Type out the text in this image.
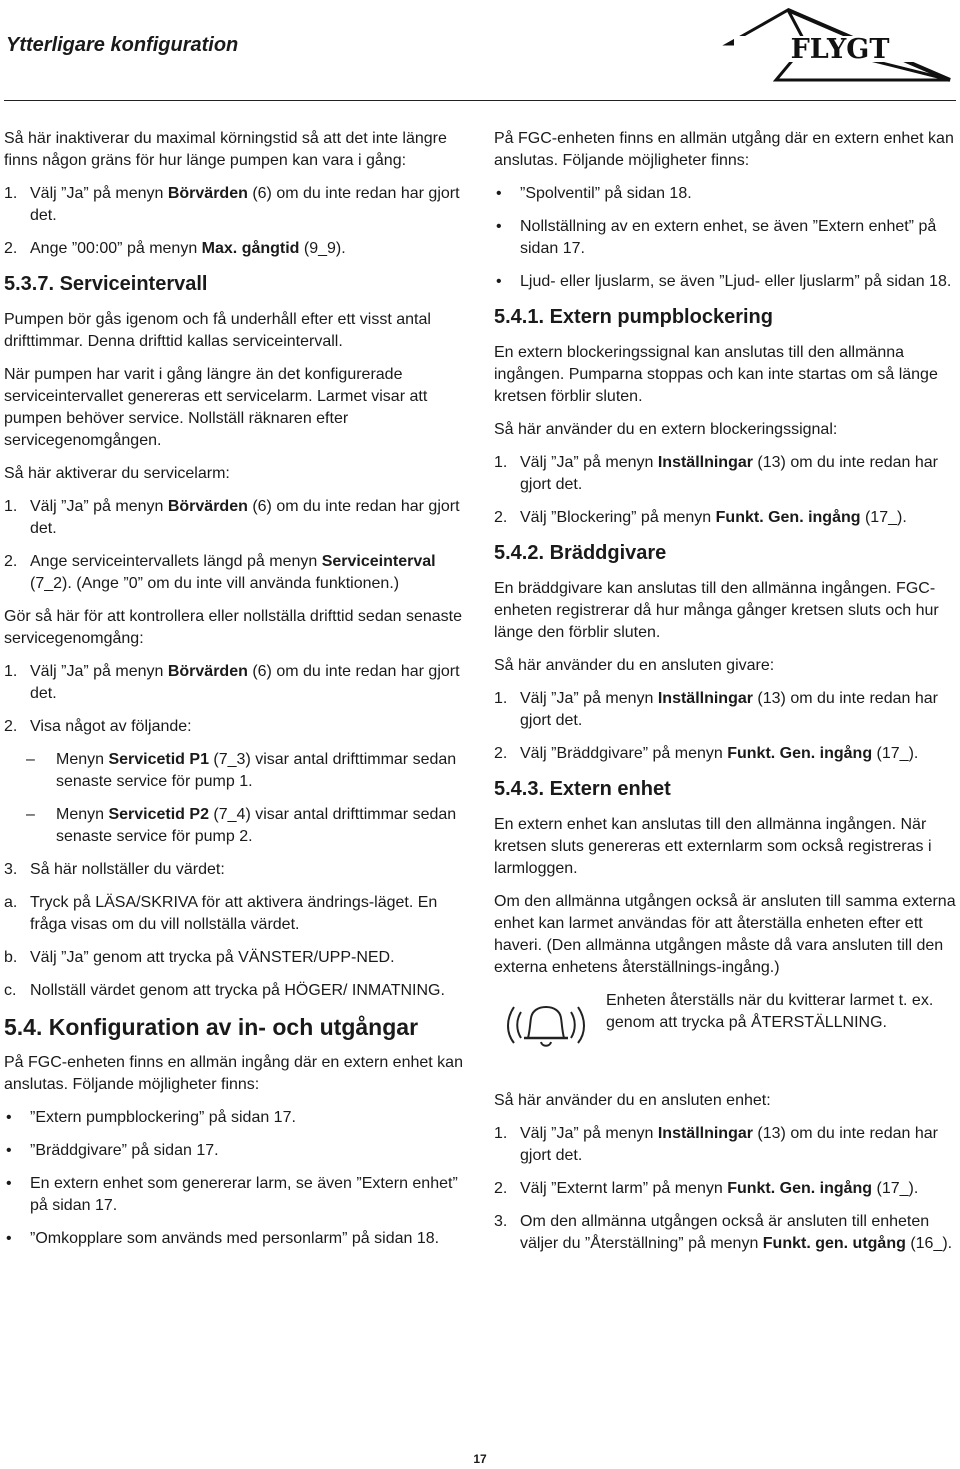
Ytterligare konfiguration	FLYGT

Så här inaktiverar du maximal körningstid så att det inte längre finns någon gräns för hur länge pumpen kan vara i gång:

1. Välj ”Ja” på menyn Börvärden (6) om du inte redan har gjort det.
2. Ange ”00:00” på menyn Max. gångtid (9_9).
5.3.7. Serviceintervall

Pumpen bör gås igenom och få underhåll efter ett visst antal drifttimmar. Denna drifttid kallas serviceintervall.

När pumpen har varit i gång längre än det konfigurerade serviceintervallet genereras ett servicelarm. Larmet visar att pumpen behöver service. Nollställ räknaren efter servicegenomgången.

Så här aktiverar du servicelarm:

1. Välj ”Ja” på menyn Börvärden (6) om du inte redan har gjort det.
2. Ange serviceintervallets längd på menyn Serviceinterval (7_2). (Ange ”0” om du inte vill använda funktionen.)

Gör så här för att kontrollera eller nollställa drifttid sedan senaste servicegenomgång:

1. Välj ”Ja” på menyn Börvärden (6) om du inte redan har gjort det.
2. Visa något av följande:
–	Menyn Servicetid P1 (7_3) visar antal drifttimmar sedan senaste service för pump 1.
–	Menyn Servicetid P2 (7_4) visar antal drifttimmar sedan senaste service för pump 2.
3. Så här nollställer du värdet:
a. Tryck på LÄSA/SKRIVA för att aktivera ändrings-läget. En fråga visas om du vill nollställa värdet.
b. Välj ”Ja” genom att trycka på VÄNSTER/UPP-NED.
c. Nollställ värdet genom att trycka på HÖGER/ INMATNING.
5.4. Konfiguration av in- och utgångar

På FGC-enheten finns en allmän ingång där en extern enhet kan anslutas. Följande möjligheter finns:

•	”Extern pumpblockering” på sidan 17.
•	”Bräddgivare” på sidan 17.
•	En extern enhet som genererar larm, se även ”Extern enhet” på sidan 17.
•	”Omkopplare som används med personlarm” på sidan 18.

På FGC-enheten finns en allmän utgång där en extern enhet kan anslutas. Följande möjligheter finns:

•	”Spolventil” på sidan 18.
•	Nollställning av en extern enhet, se även ”Extern enhet” på sidan 17.
•	Ljud- eller ljuslarm, se även ”Ljud- eller ljuslarm” på sidan 18.
5.4.1. Extern pumpblockering

En extern blockeringssignal kan anslutas till den allmänna ingången. Pumparna stoppas och kan inte startas om så länge kretsen förblir sluten.

Så här använder du en extern blockeringssignal:

1. Välj ”Ja” på menyn Inställningar (13) om du inte redan har gjort det.
2. Välj ”Blockering” på menyn Funkt. Gen. ingång (17_).
5.4.2. Bräddgivare

En bräddgivare kan anslutas till den allmänna ingången. FGC-enheten registrerar då hur många gånger kretsen sluts och hur länge den förblir sluten.

Så här använder du en ansluten givare:

1. Välj ”Ja” på menyn Inställningar (13) om du inte redan har gjort det.
2. Välj ”Bräddgivare” på menyn Funkt. Gen. ingång (17_).
5.4.3. Extern enhet

En extern enhet kan anslutas till den allmänna ingången. När kretsen sluts genereras ett externlarm som också registreras i larmloggen.

Om den allmänna utgången också är ansluten till samma externa enhet kan larmet användas för att återställa enheten efter ett haveri. (Den allmänna utgången måste då vara ansluten till den externa enhetens återställnings-ingång.)

Enheten återställs när du kvitterar larmet t. ex. genom att trycka på ÅTERSTÄLLNING.

Så här använder du en ansluten enhet:

1. Välj ”Ja” på menyn Inställningar (13) om du inte redan har gjort det.
2. Välj ”Externt larm” på menyn Funkt. Gen. ingång (17_).
3. Om den allmänna utgången också är ansluten till enheten väljer du ”Återställning” på menyn Funkt. gen. utgång (16_).
17
